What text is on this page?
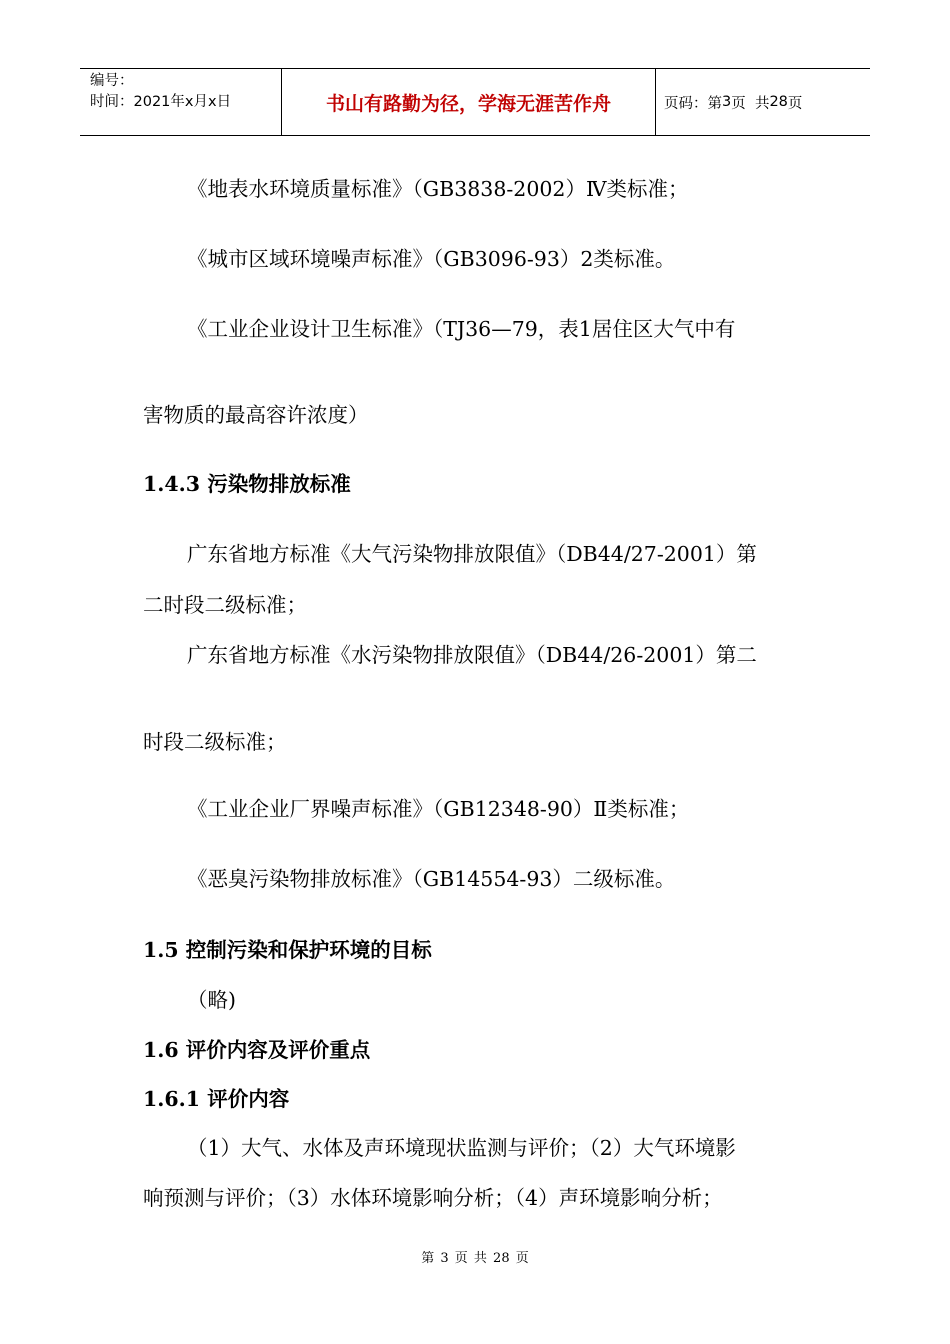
编号：
时间：2021年x月x日	书山有路勤为径，学海无涯苦作舟	页码：第 3 页  共 28 页
《地表水环境质量标准》（GB3838-2002）Ⅳ类标准；
《城市区域环境噪声标准》（GB3096-93）2类标准。
《工业企业设计卫生标准》（TJ36—79，表1居住区大气中有
害物质的最高容许浓度）
1.4.3 污染物排放标准
广东省地方标准《大气污染物排放限值》（DB44/27-2001）第
二时段二级标准；
广东省地方标准《水污染物排放限值》（DB44/26-2001）第二
时段二级标准；
《工业企业厂界噪声标准》（GB12348-90）Ⅱ类标准；
《恶臭污染物排放标准》（GB14554-93）二级标准。
1.5 控制污染和保护环境的目标
（略)
1.6 评价内容及评价重点
1.6.1 评价内容
（1）大气、水体及声环境现状监测与评价；（2）大气环境影
响预测与评价；（3）水体环境影响分析；（4）声环境影响分析；
第 3 页 共 28 页
